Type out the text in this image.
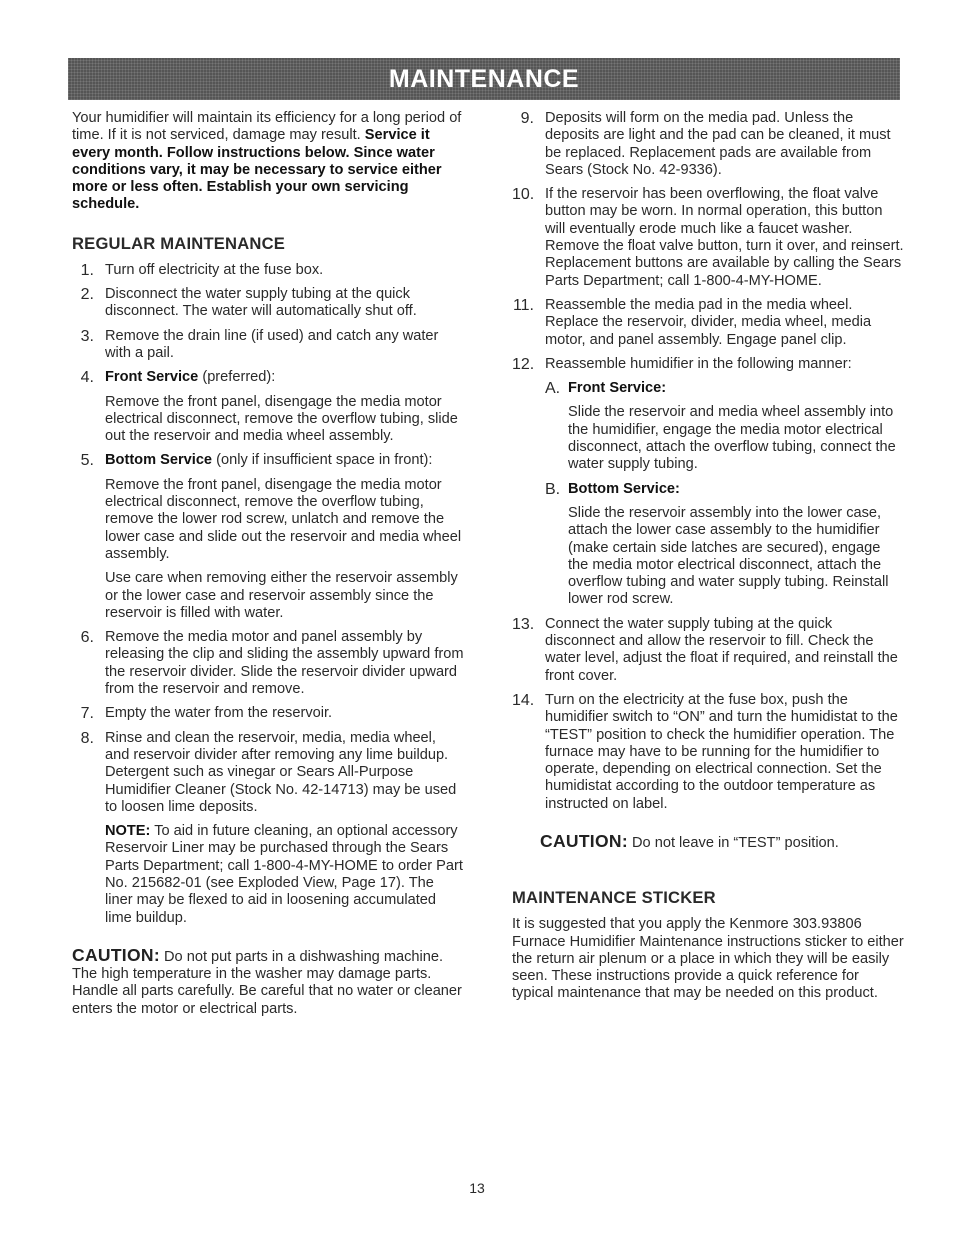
MAINTENANCE

Your humidifier will maintain its efficiency for a long period of time. If it is not serviced, damage may result. Service it every month. Follow instructions below. Since water conditions vary, it may be necessary to service either more or less often. Establish your own servicing schedule.

REGULAR MAINTENANCE
1. Turn off electricity at the fuse box.

2. Disconnect the water supply tubing at the quick disconnect. The water will automatically shut off.

3. Remove the drain line (if used) and catch any water with a pail.

4. Front Service (preferred):

Remove the front panel, disengage the media motor electrical disconnect, remove the overflow tubing, slide out the reservoir and media wheel assembly.

5. Bottom Service (only if insufficient space in front):

Remove the front panel, disengage the media motor electrical disconnect, remove the overflow tubing, remove the lower rod screw, unlatch and remove the lower case and slide out the reservoir and media wheel assembly.

Use care when removing either the reservoir assembly or the lower case and reservoir assembly since the reservoir is filled with water.

6. Remove the media motor and panel assembly by releasing the clip and sliding the assembly upward from the reservoir divider. Slide the reservoir divider upward from the reservoir and remove.

7. Empty the water from the reservoir.

8. Rinse and clean the reservoir, media, media wheel, and reservoir divider after removing any lime buildup. Detergent such as vinegar or Sears All-Purpose Humidifier Cleaner (Stock No. 42-14713) may be used to loosen lime deposits.

NOTE: To aid in future cleaning, an optional accessory Reservoir Liner may be purchased through the Sears Parts Department; call 1-800-4-MY-HOME to order Part No. 215682-01 (see Exploded View, Page 17). The liner may be flexed to aid in loosening accumulated lime buildup.

CAUTION: Do not put parts in a dishwashing machine. The high temperature in the washer may damage parts. Handle all parts carefully. Be careful that no water or cleaner enters the motor or electrical parts.

9. Deposits will form on the media pad. Unless the deposits are light and the pad can be cleaned, it must be replaced. Replacement pads are available from Sears (Stock No. 42-9336).

10. If the reservoir has been overflowing, the float valve button may be worn. In normal operation, this button will eventually erode much like a faucet washer. Remove the float valve button, turn it over, and reinsert. Replacement buttons are available by calling the Sears Parts Department; call 1-800-4-MY-HOME.

11. Reassemble the media pad in the media wheel. Replace the reservoir, divider, media wheel, media motor, and panel assembly. Engage panel clip.

12. Reassemble humidifier in the following manner:

A. Front Service:

Slide the reservoir and media wheel assembly into the humidifier, engage the media motor electrical disconnect, attach the overflow tubing, connect the water supply tubing.

B. Bottom Service:

Slide the reservoir assembly into the lower case, attach the lower case assembly to the humidifier (make certain side latches are secured), engage the media motor electrical disconnect, attach the overflow tubing and water supply tubing. Reinstall lower rod screw.

13. Connect the water supply tubing at the quick disconnect and allow the reservoir to fill. Check the water level, adjust the float if required, and reinstall the front cover.

14. Turn on the electricity at the fuse box, push the humidifier switch to “ON” and turn the humidistat to the “TEST” position to check the humidifier operation. The furnace may have to be running for the humidifier to operate, depending on electrical connection. Set the humidistat according to the outdoor temperature as instructed on label.

CAUTION: Do not leave in “TEST” position.

MAINTENANCE STICKER

It is suggested that you apply the Kenmore 303.93806 Furnace Humidifier Maintenance instructions sticker to either the return air plenum or a place in which they will be easily seen. These instructions provide a quick reference for typical maintenance that may be needed on this product.

13
